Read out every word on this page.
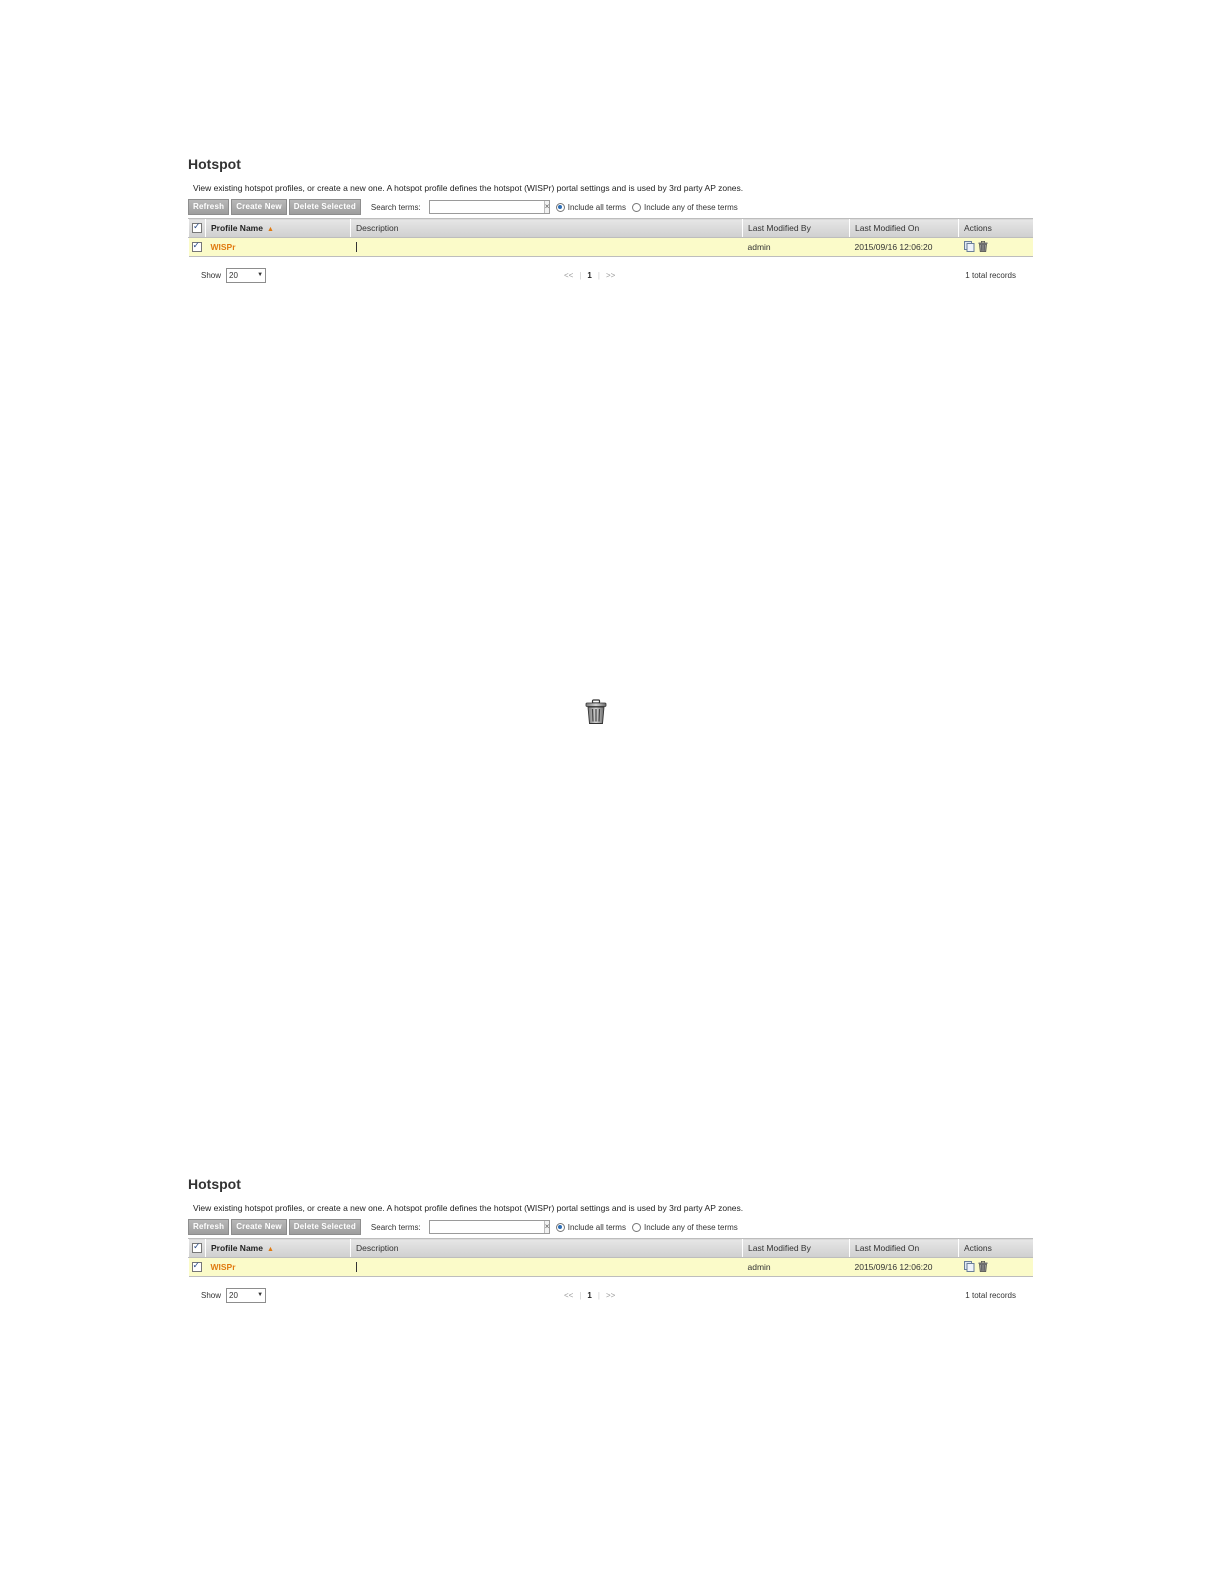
Hotspot
View existing hotspot profiles, or create a new one. A hotspot profile defines the hotspot (WISPr) portal settings and is used by 3rd party AP zones.
Refresh	Create New	Delete Selected	Search terms:	× Include all terms Include any of these terms
✓	Profile Name ▲	Description	Last Modified By	Last Modified On	Actions
✓	WISPr		admin	2015/09/16 12:06:20	
Show 20	▼	<< | 1 | >>	1 total records
Hotspot
View existing hotspot profiles, or create a new one. A hotspot profile defines the hotspot (WISPr) portal settings and is used by 3rd party AP zones.
Refresh	Create New	Delete Selected	Search terms:	× Include all terms Include any of these terms
✓	Profile Name ▲	Description	Last Modified By	Last Modified On	Actions
✓	WISPr		admin	2015/09/16 12:06:20	
Show 20	▼	<< | 1 | >>	1 total records
